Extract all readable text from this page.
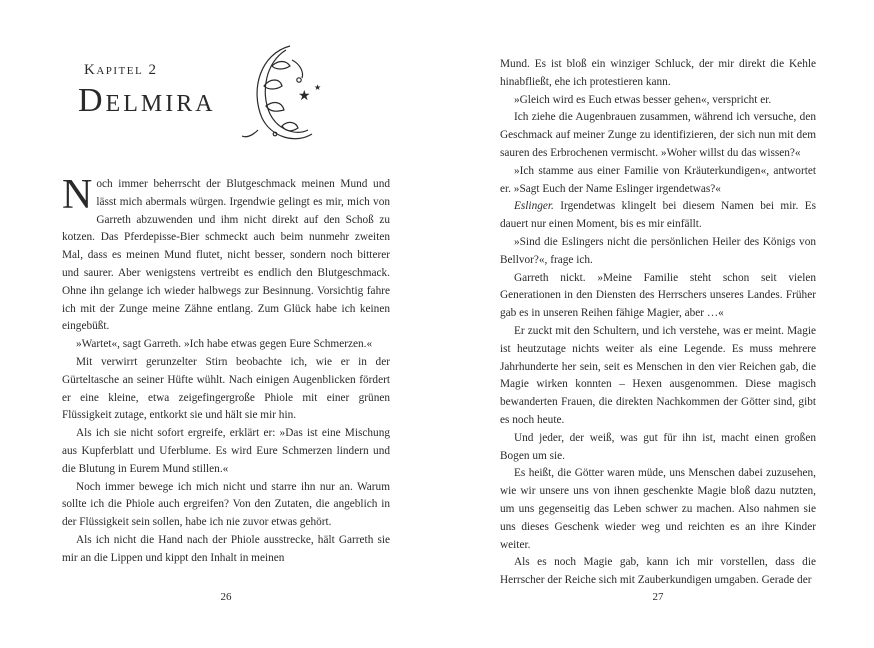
Kapitel 2
Delmira	★
★

Noch immer beherrscht der Blutgeschmack meinen Mund und lässt mich abermals würgen. Irgendwie gelingt es mir, mich von Garreth abzuwenden und ihm nicht direkt auf den Schoß zu kotzen. Das Pferdepisse-Bier schmeckt auch beim nunmehr zweiten Mal, dass es meinen Mund flutet, nicht besser, sondern noch bitterer und saurer. Aber wenigstens vertreibt es endlich den Blutgeschmack. Ohne ihn gelange ich wieder halbwegs zur Besinnung. Vorsichtig fahre ich mit der Zunge meine Zähne entlang. Zum Glück habe ich keinen eingebüßt.

»Wartet«, sagt Garreth. »Ich habe etwas gegen Eure Schmerzen.«

Mit verwirrt gerunzelter Stirn beobachte ich, wie er in der Gürteltasche an seiner Hüfte wühlt. Nach einigen Augenblicken fördert er eine kleine, etwa zeigefingergroße Phiole mit einer grünen Flüssigkeit zutage, entkorkt sie und hält sie mir hin.

Als ich sie nicht sofort ergreife, erklärt er: »Das ist eine Mischung aus Kupferblatt und Uferblume. Es wird Eure Schmerzen lindern und die Blutung in Eurem Mund stillen.«

Noch immer bewege ich mich nicht und starre ihn nur an. Warum sollte ich die Phiole auch ergreifen? Von den Zutaten, die angeblich in der Flüssigkeit sein sollen, habe ich nie zuvor etwas gehört.

Als ich nicht die Hand nach der Phiole ausstrecke, hält Garreth sie mir an die Lippen und kippt den Inhalt in meinen

26

Mund. Es ist bloß ein winziger Schluck, der mir direkt die Kehle hinabfließt, ehe ich protestieren kann.

»Gleich wird es Euch etwas besser gehen«, verspricht er.

Ich ziehe die Augenbrauen zusammen, während ich versuche, den Geschmack auf meiner Zunge zu identifizieren, der sich nun mit dem sauren des Erbrochenen vermischt. »Woher willst du das wissen?«

»Ich stamme aus einer Familie von Kräuterkundigen«, antwortet er. »Sagt Euch der Name Eslinger irgendetwas?«

Eslinger. Irgendetwas klingelt bei diesem Namen bei mir. Es dauert nur einen Moment, bis es mir einfällt.

»Sind die Eslingers nicht die persönlichen Heiler des Königs von Bellvor?«, frage ich.

Garreth nickt. »Meine Familie steht schon seit vielen Generationen in den Diensten des Herrschers unseres Landes. Früher gab es in unseren Reihen fähige Magier, aber …«

Er zuckt mit den Schultern, und ich verstehe, was er meint. Magie ist heutzutage nichts weiter als eine Legende. Es muss mehrere Jahrhunderte her sein, seit es Menschen in den vier Reichen gab, die Magie wirken konnten – Hexen ausgenommen. Diese magisch bewanderten Frauen, die direkten Nachkommen der Götter sind, gibt es noch heute.

Und jeder, der weiß, was gut für ihn ist, macht einen großen Bogen um sie.

Es heißt, die Götter waren müde, uns Menschen dabei zuzusehen, wie wir unsere uns von ihnen geschenkte Magie bloß dazu nutzten, um uns gegenseitig das Leben schwer zu machen. Also nahmen sie uns dieses Geschenk wieder weg und reichten es an ihre Kinder weiter.

Als es noch Magie gab, kann ich mir vorstellen, dass die Herrscher der Reiche sich mit Zauberkundigen umgaben. Gerade der

27
